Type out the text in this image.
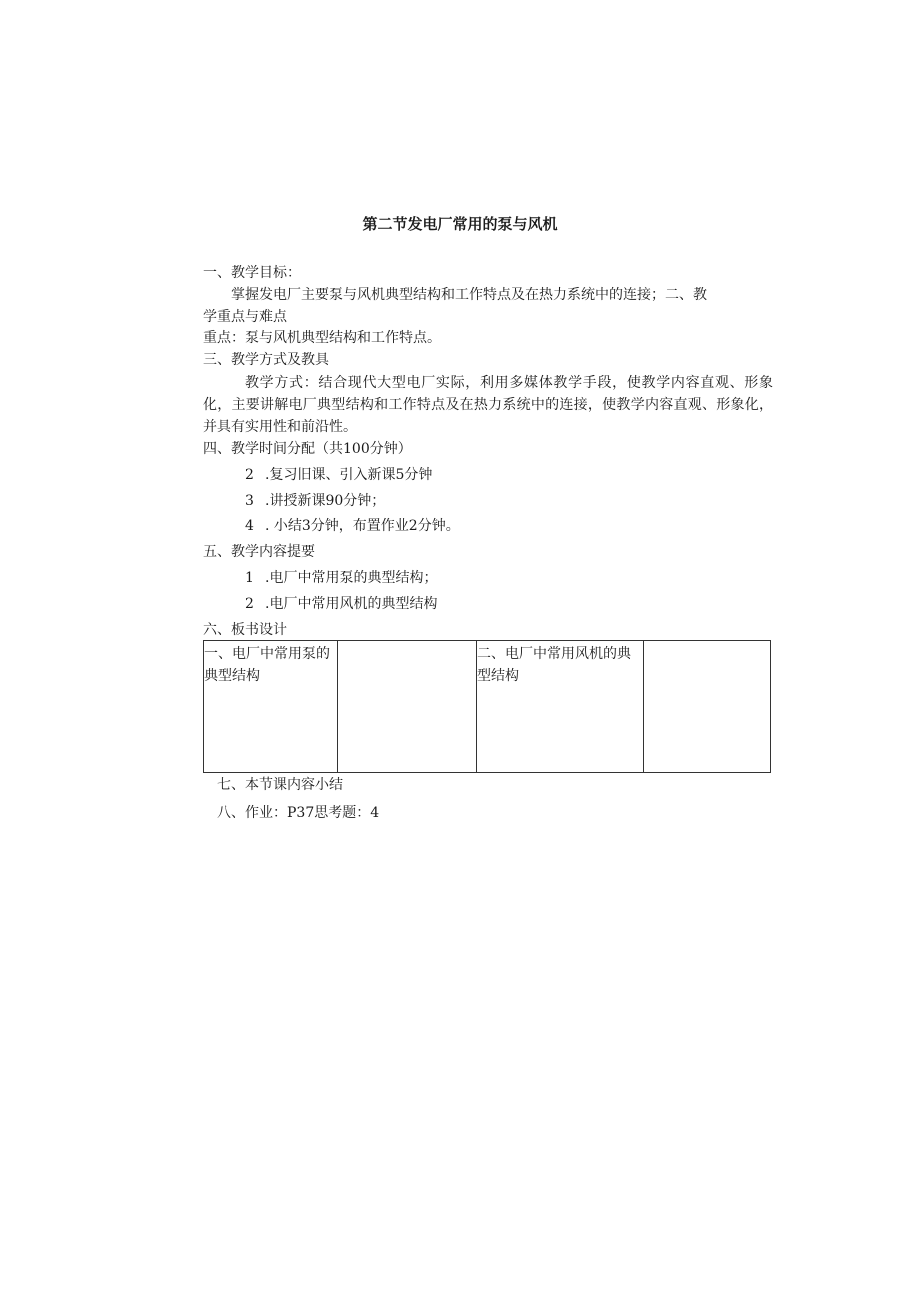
第二节发电厂常用的泵与风机
一、教学目标：
掌握发电厂主要泵与风机典型结构和工作特点及在热力系统中的连接；二、教
学重点与难点
重点：泵与风机典型结构和工作特点。
三、教学方式及教具
教学方式：结合现代大型电厂实际，利用多媒体教学手段，使教学内容直观、形象化，主要讲解电厂典型结构和工作特点及在热力系统中的连接，使教学内容直观、形象化，并具有实用性和前沿性。
四、教学时间分配（共100分钟）
2 .复习旧课、引入新课5分钟
3 .讲授新课90分钟；
4 . 小结3分钟，布置作业2分钟。
五、教学内容提要
1 .电厂中常用泵的典型结构；
2 .电厂中常用风机的典型结构
六、板书设计
一、电厂中常用泵的典型结构		二、电厂中常用风机的典型结构	
七、本节课内容小结
八、作业：P37思考题：4
